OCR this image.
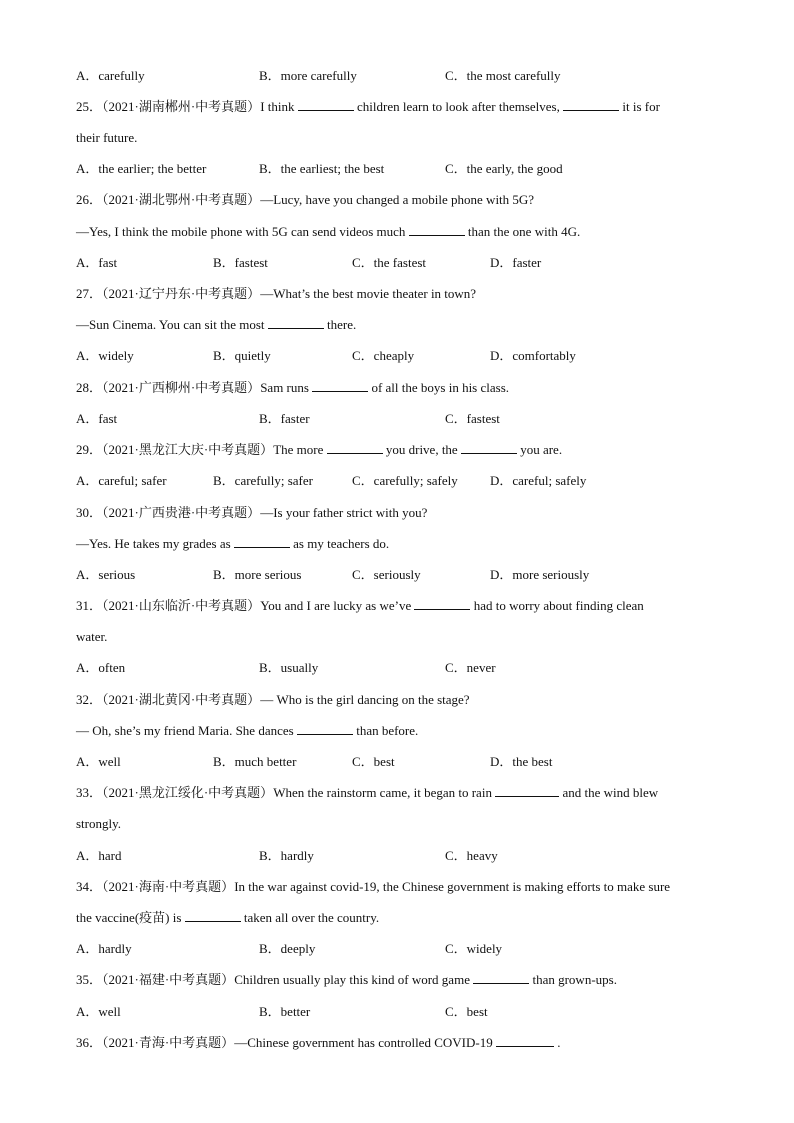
A．carefully	B．more carefully	C．the most carefully
25．（2021·湖南郴州·中考真题）I think	children learn to look after themselves,	it is for
their future.
A．the earlier; the better	B．the earliest; the best	C．the early, the good
26．（2021·湖北鄂州·中考真题）—Lucy, have you changed a mobile phone with 5G?
—Yes, I think the mobile phone with 5G can send videos much	than the one with 4G.
A．fast	B．fastest	C．the fastest	D．faster
27．（2021·辽宁丹东·中考真题）—What’s the best movie theater in town?
—Sun Cinema. You can sit the most	there.
A．widely	B．quietly	C．cheaply	D．comfortably
28．（2021·广西柳州·中考真题）Sam runs	of all the boys in his class.
A．fast	B．faster	C．fastest
29．（2021·黑龙江大庆·中考真题）The more	you drive, the	you are.
A．careful; safer	B．carefully; safer	C．carefully; safely D．careful; safely
30．（2021·广西贵港·中考真题）—Is your father strict with you?
—Yes. He takes my grades as	as my teachers do.
A．serious	B．more serious	C．seriously	D．more seriously
31．（2021·山东临沂·中考真题）You and I are lucky as we’ve	had to worry about finding clean
water.
A．often	B．usually	C．never
32．（2021·湖北黄冈·中考真题）— Who is the girl dancing on the stage?
— Oh, she’s my friend Maria. She dances	than before.
A．well	B．much better	C．best	D．the best
33．（2021·黑龙江绥化·中考真题）When the rainstorm came, it began to rain	and the wind blew
strongly.
A．hard	B．hardly	C．heavy
34．（2021·海南·中考真题）In the war against covid-19, the Chinese government is making efforts to make sure
the vaccine(疫苗) is	taken all over the country.
A．hardly	B．deeply	C．widely
35．（2021·福建·中考真题）Children usually play this kind of word game	than grown-ups.
A．well	B．better	C．best
36．（2021·青海·中考真题）—Chinese government has controlled COVID-19	.
